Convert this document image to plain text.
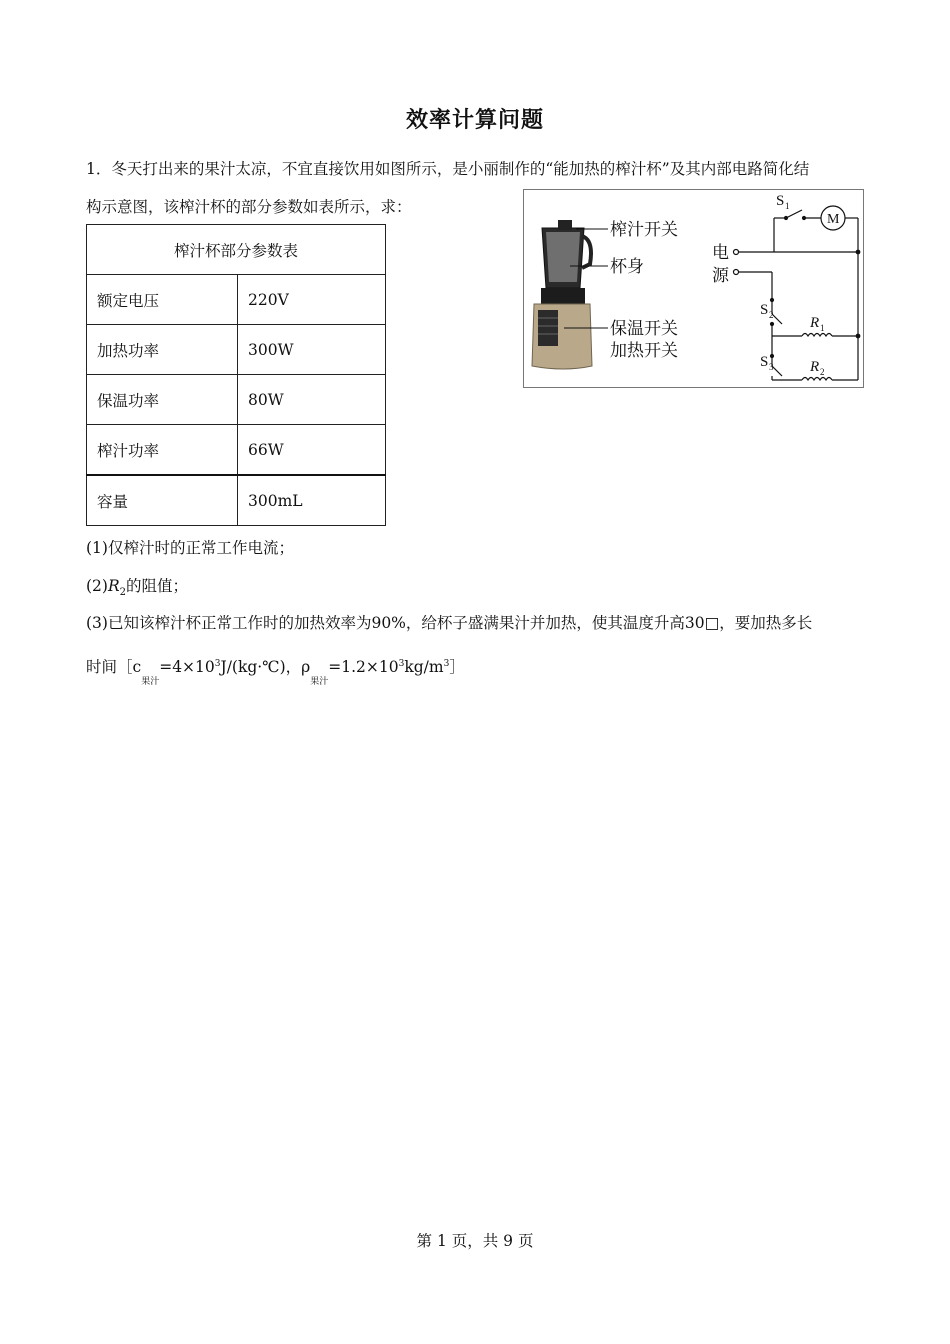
效率计算问题
1．冬天打出来的果汁太凉，不宜直接饮用如图所示，是小丽制作的“能加热的榨汁杯”及其内部电路简化结
构示意图，该榨汁杯的部分参数如表所示，求：
榨汁杯部分参数表	
额定电压	220V
加热功率	300W
保温功率	80W
榨汁功率	66W
容量	300mL
榨汁开关
杯身
保温开关
加热开关
电
源
M
S 1
S 2
S 3
R 1
R 2
(1)仅榨汁时的正常工作电流；
$(2)R_2$的阻值；
(3)已知该榨汁杯正常工作时的加热效率为90%，给杯子盛满果汁并加热，使其温度升高30□，要加热多长
时间$[c_{果汁}=4\times 10^3J/(kg\cdot℃)$，$\rho_{果汁}=1.2\times 10^3kg/m^3]$
第 1 页，共 9 页
